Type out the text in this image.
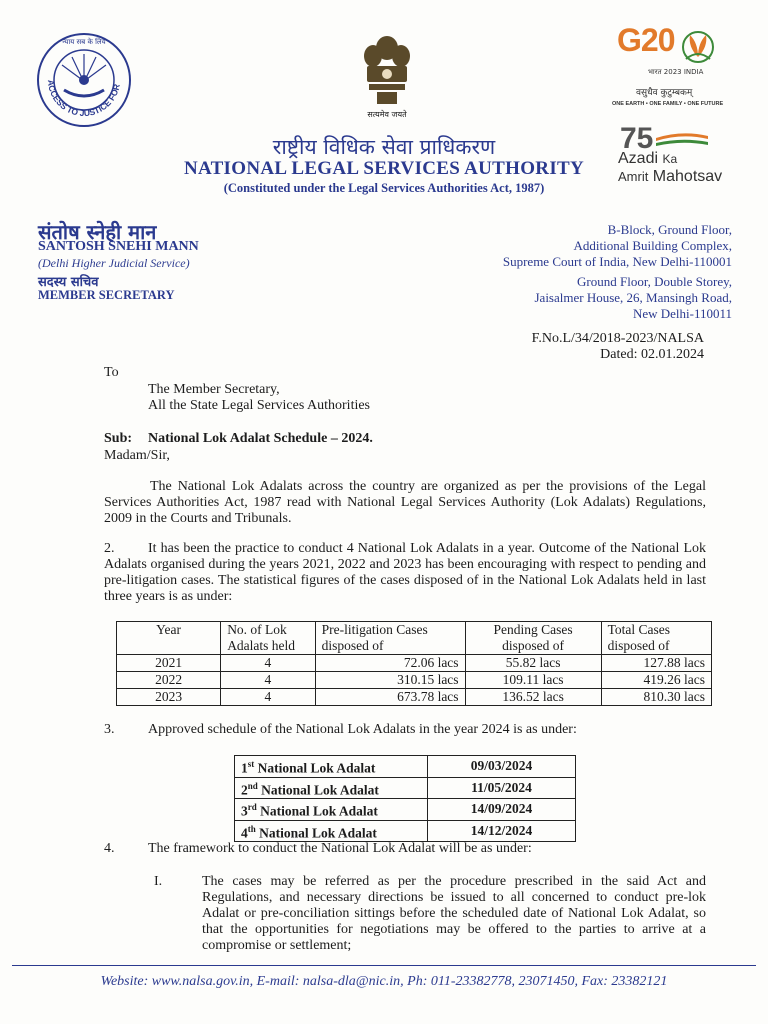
ACCESS TO JUSTICE FOR
न्याय सब के लिये
सत्यमेव जयते
G20
भारत 2023 INDIA
वसुधैव कुटुम्बकम्
ONE EARTH • ONE FAMILY • ONE FUTURE
75
Azadi Ka
Amrit Mahotsav
राष्ट्रीय विधिक सेवा प्राधिकरण
NATIONAL LEGAL SERVICES AUTHORITY
(Constituted under the Legal Services Authorities Act, 1987)
संतोष स्नेही मान
SANTOSH SNEHI MANN
(Delhi Higher Judicial Service)
सदस्य सचिव
MEMBER SECRETARY
B-Block, Ground Floor,
Additional Building Complex,
Supreme Court of India, New Delhi-110001
Ground Floor, Double Storey,
Jaisalmer House, 26, Mansingh Road,
New Delhi-110011
F.No.L/34/2018-2023/NALSA
Dated: 02.01.2024
To
The Member Secretary,
All the State Legal Services Authorities
Sub: National Lok Adalat Schedule – 2024.
Madam/Sir,
The National Lok Adalats across the country are organized as per the provisions of the Legal Services Authorities Act, 1987 read with National Legal Services Authority (Lok Adalats) Regulations, 2009 in the Courts and Tribunals.
2. It has been the practice to conduct 4 National Lok Adalats in a year. Outcome of the National Lok Adalats organised during the years 2021, 2022 and 2023 has been encouraging with respect to pending and pre-litigation cases. The statistical figures of the cases disposed of in the National Lok Adalats held in last three years is as under:
Year	No. of Lok Adalats held	Pre-litigation Cases disposed of	Pending Cases disposed of	Total Cases disposed of
2021	4	72.06 lacs	55.82 lacs	127.88 lacs
2022	4	310.15 lacs	109.11 lacs	419.26 lacs
2023	4	673.78 lacs	136.52 lacs	810.30 lacs
3. Approved schedule of the National Lok Adalats in the year 2024 is as under:
1st National Lok Adalat	09/03/2024
2nd National Lok Adalat	11/05/2024
3rd National Lok Adalat	14/09/2024
4th National Lok Adalat	14/12/2024
4. The framework to conduct the National Lok Adalat will be as under:
I.	The cases may be referred as per the procedure prescribed in the said Act and Regulations, and necessary directions be issued to all concerned to conduct pre-lok Adalat or pre-conciliation sittings before the scheduled date of National Lok Adalat, so that the opportunities for negotiations may be offered to the parties to arrive at a compromise or settlement;
Website: www.nalsa.gov.in, E-mail: nalsa-dla@nic.in, Ph: 011-23382778, 23071450, Fax: 23382121
